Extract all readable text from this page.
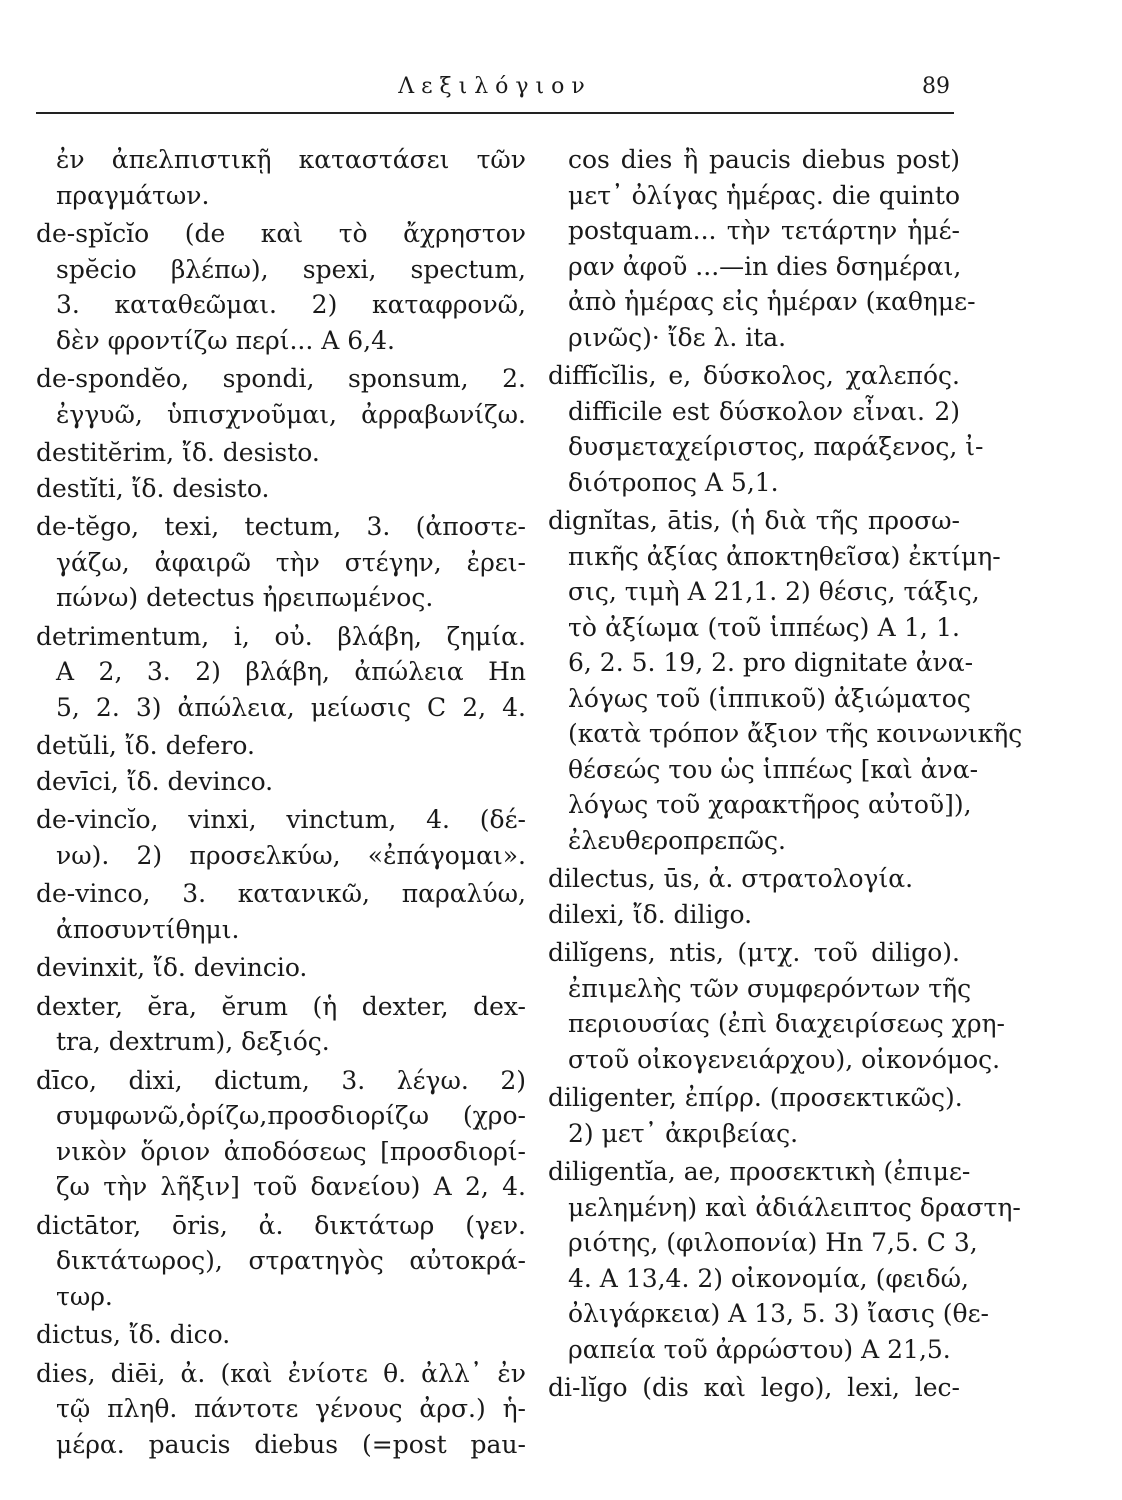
Λεξιλόγιον	89
ἐν ἀπελπιστικῇ καταστάσει τῶν
πραγμάτων.
de-spĭcĭo (de καὶ τὸ ἄχρηστον
spĕcio βλέπω), spexi, spectum,
3. καταθεῶμαι. 2) καταφρονῶ,
δὲν φροντίζω περί... Α 6,4.
de-spondĕo, spondi, sponsum, 2.
ἐγγυῶ, ὑπισχνοῦμαι, ἀρραβωνίζω.
destitĕrim, ἴδ. desisto.
destĭti, ἴδ. desisto.
de-tĕgo, texi, tectum, 3. (ἀποστε-
γάζω, ἀφαιρῶ τὴν στέγην, ἐρει-
πώνω) detectus ἠρειπωμένος.
detrimentum, i, οὐ. βλάβη, ζημία.
Α 2, 3. 2) βλάβη, ἀπώλεια Ηn
5, 2. 3) ἀπώλεια, μείωσις C 2, 4.
detŭli, ἴδ. defero.
devīci, ἴδ. devinco.
de-vincĭo, vinxi, vinctum, 4. (δέ-
νω). 2) προσελκύω, «ἐπάγομαι».
de-vinco, 3. κατανικῶ, παραλύω,
ἀποσυντίθημι.
devinxit, ἴδ. devincio.
dexter, ĕra, ĕrum (ἡ dexter, dex-
tra, dextrum), δεξιός.
dīco, dixi, dictum, 3. λέγω. 2)
συμφωνῶ,ὁρίζω,προσδιορίζω (χρο-
νικὸν ὅριον ἀποδόσεως [προσδιορί-
ζω τὴν λῆξιν] τοῦ δανείου) Α 2, 4.
dictātor, ōris, ἀ. δικτάτωρ (γεν.
δικτάτωρος), στρατηγὸς αὐτοκρά-
τωρ.
dictus, ἴδ. dico.
dies, diēi, ἀ. (καὶ ἐνίοτε θ. ἀλλ᾽ ἐν
τῷ πληθ. πάντοτε γένους ἀρσ.) ἡ-
μέρα. paucis diebus (=post pau-
cos dies ἢ paucis diebus post)
μετ᾽ ὀλίγας ἡμέρας. die quinto
postquam... τὴν τετάρτην ἡμέ-
ραν ἀφοῦ ...—in dies δσημέραι,
ἀπὸ ἡμέρας εἰς ἡμέραν (καθημε-
ρινῶς)· ἴδε λ. ita.
diffĭcĭlis, e, δύσκολος, χαλεπός.
difficile est δύσκολον εἶναι. 2)
δυσμεταχείριστος, παράξενος, ἰ-
διότροπος Α 5,1.
dignĭtas, ātis, (ἡ διὰ τῆς προσω-
πικῆς ἀξίας ἀποκτηθεῖσα) ἐκτίμη-
σις, τιμὴ Α 21,1. 2) θέσις, τάξις,
τὸ ἀξίωμα (τοῦ ἱππέως) Α 1, 1.
6, 2. 5. 19, 2. pro dignitate ἀνα-
λόγως τοῦ (ἱππικοῦ) ἀξιώματος
(κατὰ τρόπον ἄξιον τῆς κοινωνικῆς
θέσεώς του ὡς ἱππέως [καὶ ἀνα-
λόγως τοῦ χαρακτῆρος αὐτοῦ]),
ἐλευθεροπρεπῶς.
dilectus, ūs, ἀ. στρατολογία.
dilexi, ἴδ. diligo.
dilĭgens, ntis, (μτχ. τοῦ diligo).
ἐπιμελὴς τῶν συμφερόντων τῆς
περιουσίας (ἐπὶ διαχειρίσεως χρη-
στοῦ οἰκογενειάρχου), οἰκονόμος.
diligenter, ἐπίρρ. (προσεκτικῶς).
2) μετ᾽ ἀκριβείας.
diligentĭa, ae, προσεκτικὴ (ἐπιμε-
μελημένη) καὶ ἀδιάλειπτος δραστη-
ριότης, (φιλοπονία) Ηn 7,5. C 3,
4. Α 13,4. 2) οἰκονομία, (φειδώ,
ὀλιγάρκεια) Α 13, 5. 3) ἴασις (θε-
ραπεία τοῦ ἀρρώστου) Α 21,5.
di-lĭgo (dis καὶ lego), lexi, lec-
